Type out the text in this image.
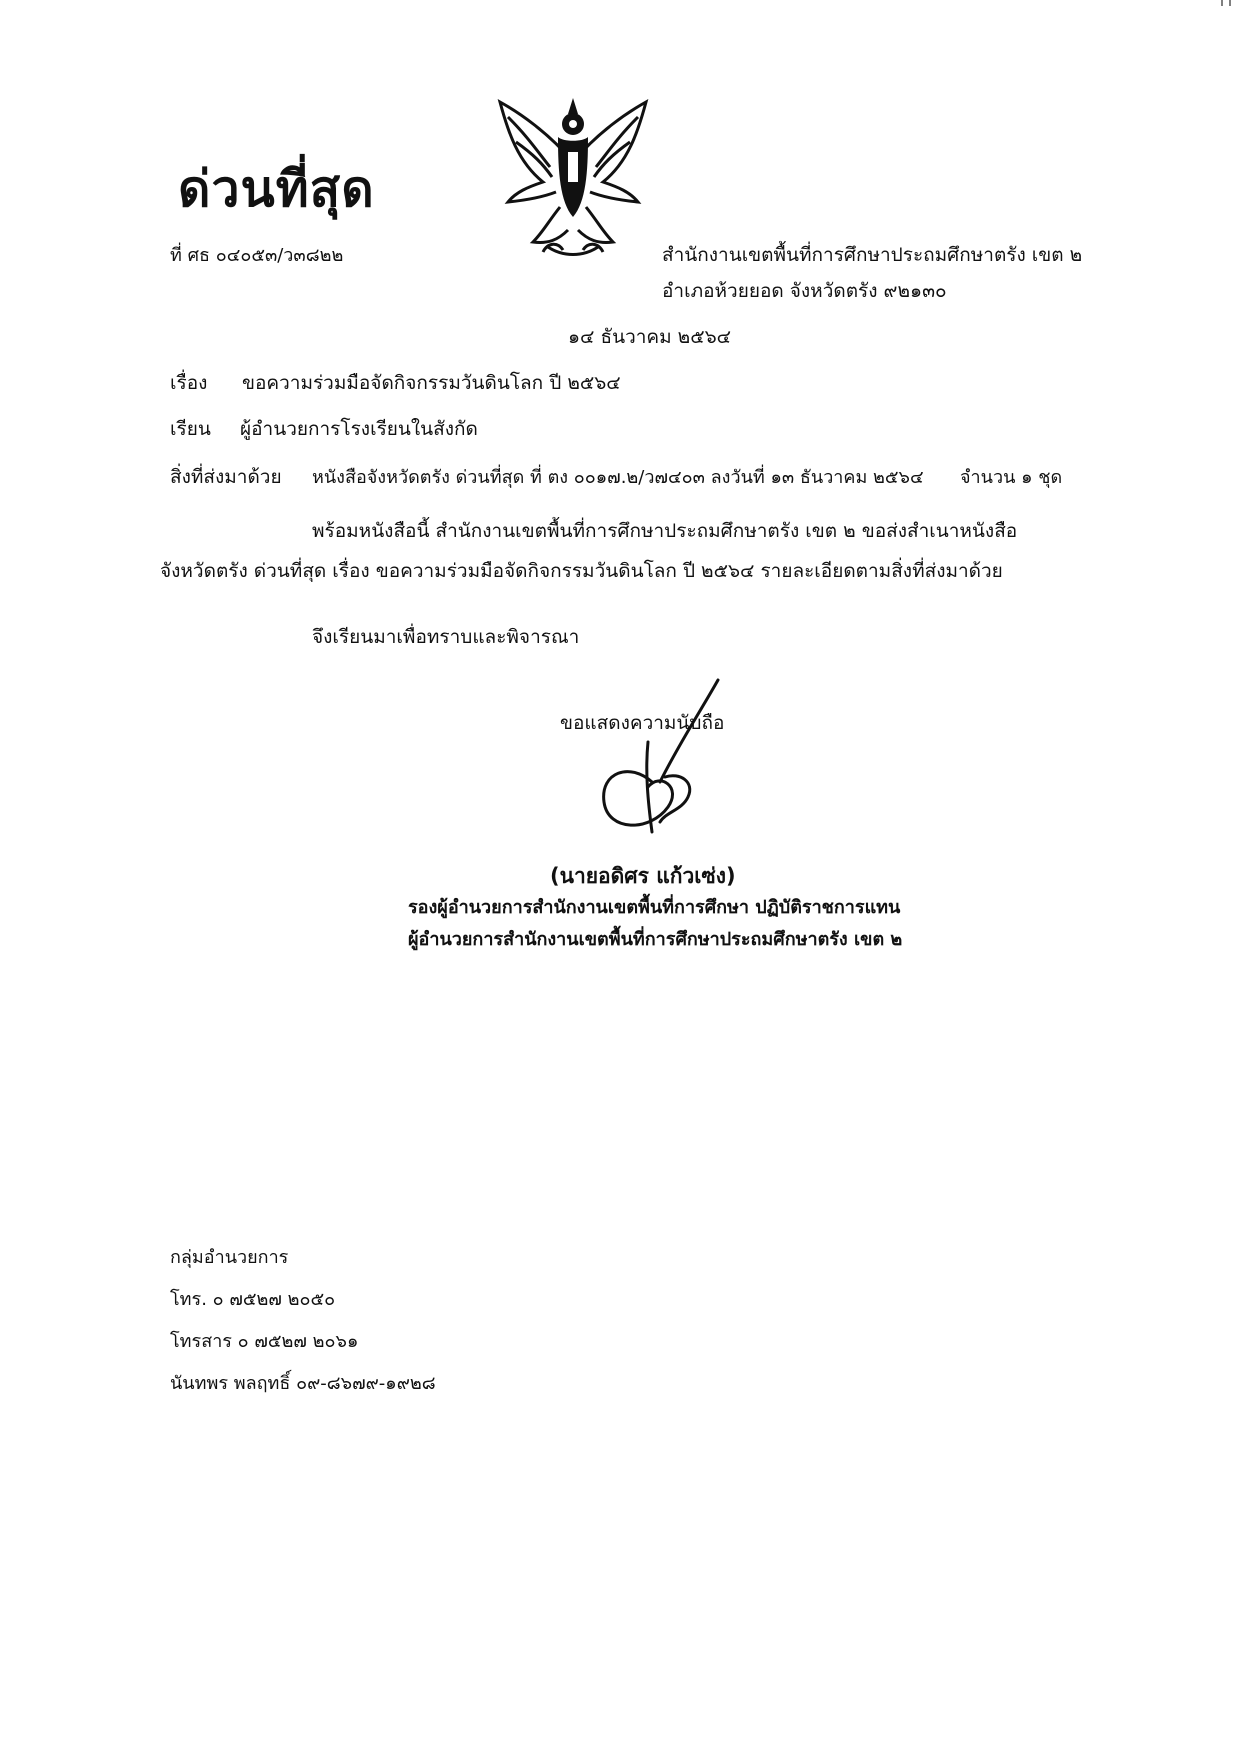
ด่วนที่สุด
ที่ ศธ ๐๔๐๕๓/ว๓๘๒๒	สำนักงานเขตพื้นที่การศึกษาประถมศึกษาตรัง เขต ๒
อำเภอห้วยยอด จังหวัดตรัง ๙๒๑๓๐
๑๔ ธันวาคม ๒๕๖๔
เรื่อง ขอความร่วมมือจัดกิจกรรมวันดินโลก ปี ๒๕๖๔
เรียน ผู้อำนวยการโรงเรียนในสังกัด
สิ่งที่ส่งมาด้วย หนังสือจังหวัดตรัง ด่วนที่สุด ที่ ตง ๐๐๑๗.๒/ว๗๔๐๓ ลงวันที่ ๑๓ ธันวาคม ๒๕๖๔ จำนวน ๑ ชุด
พร้อมหนังสือนี้ สำนักงานเขตพื้นที่การศึกษาประถมศึกษาตรัง เขต ๒ ขอส่งสำเนาหนังสือ
จังหวัดตรัง ด่วนที่สุด เรื่อง ขอความร่วมมือจัดกิจกรรมวันดินโลก ปี ๒๕๖๔ รายละเอียดตามสิ่งที่ส่งมาด้วย
จึงเรียนมาเพื่อทราบและพิจารณา
ขอแสดงความนับถือ
(นายอดิศร แก้วเซ่ง)
รองผู้อำนวยการสำนักงานเขตพื้นที่การศึกษา ปฏิบัติราชการแทน
ผู้อำนวยการสำนักงานเขตพื้นที่การศึกษาประถมศึกษาตรัง เขต ๒
กลุ่มอำนวยการ
โทร. ๐ ๗๕๒๗ ๒๐๕๐
โทรสาร ๐ ๗๕๒๗ ๒๐๖๑
นันทพร พลฤทธิ์ ๐๙-๘๖๗๙-๑๙๒๘
